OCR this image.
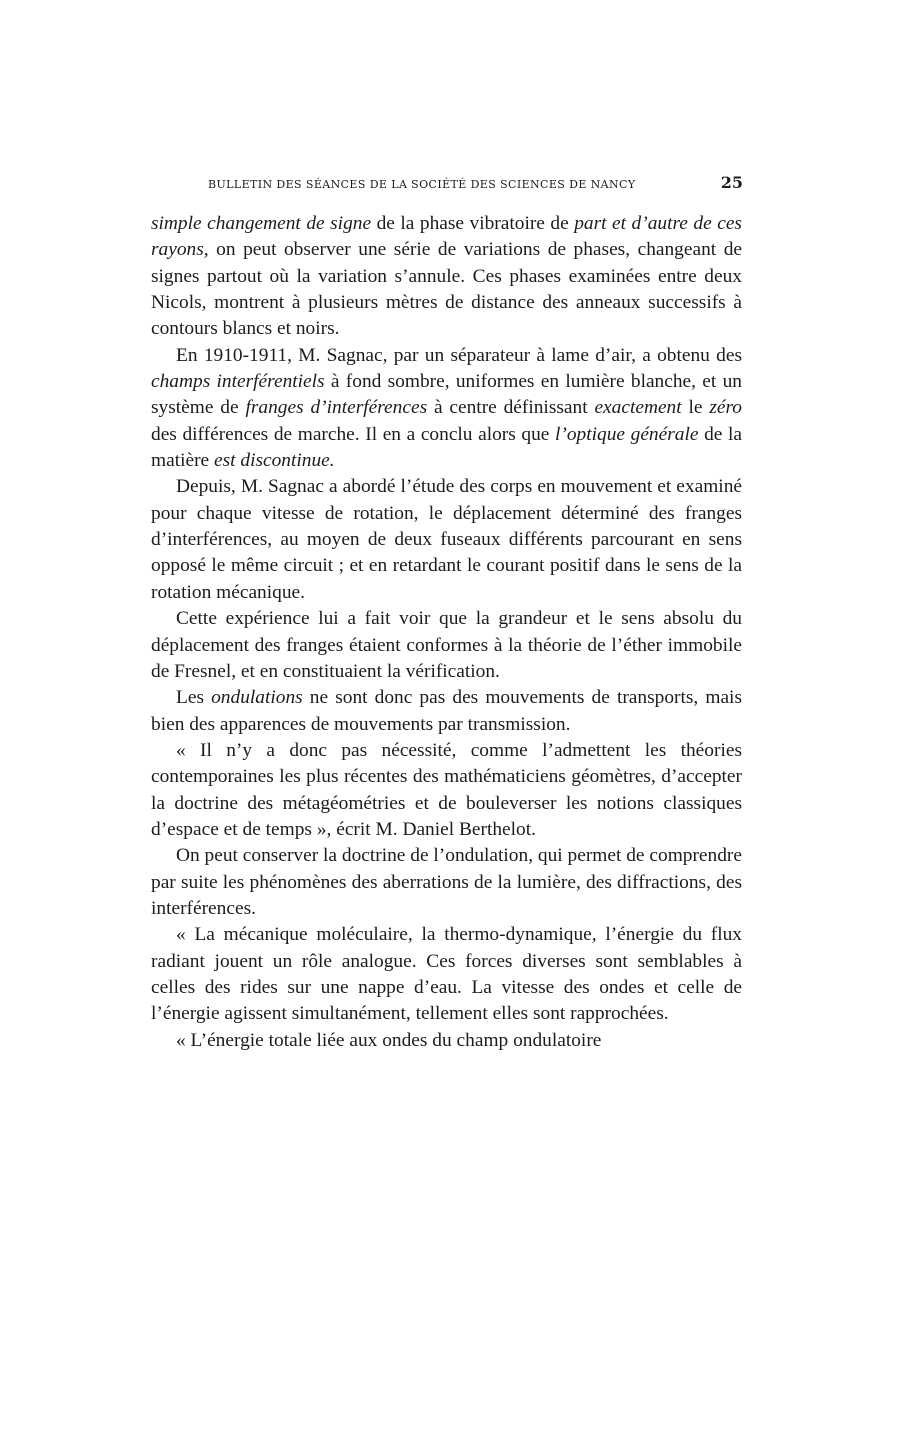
BULLETIN DES SÉANCES DE LA SOCIÉTÉ DES SCIENCES DE NANCY	25

simple changement de signe de la phase vibratoire de part et d’autre de ces rayons, on peut observer une série de variations de phases, changeant de signes partout où la variation s’annule. Ces phases examinées entre deux Nicols, montrent à plusieurs mètres de distance des anneaux successifs à contours blancs et noirs.

En 1910-1911, M. Sagnac, par un séparateur à lame d’air, a obtenu des champs interférentiels à fond sombre, uniformes en lumière blanche, et un système de franges d’interférences à centre définissant exactement le zéro des différences de marche. Il en a conclu alors que l’optique générale de la matière est discontinue.

Depuis, M. Sagnac a abordé l’étude des corps en mouvement et examiné pour chaque vitesse de rotation, le déplacement déterminé des franges d’interférences, au moyen de deux fuseaux différents parcourant en sens opposé le même circuit ; et en retardant le courant positif dans le sens de la rotation mécanique.

Cette expérience lui a fait voir que la grandeur et le sens absolu du déplacement des franges étaient conformes à la théorie de l’éther immobile de Fresnel, et en constituaient la vérification.

Les ondulations ne sont donc pas des mouvements de transports, mais bien des apparences de mouvements par transmission.

« Il n’y a donc pas nécessité, comme l’admettent les théories contemporaines les plus récentes des mathématiciens géomètres, d’accepter la doctrine des métagéométries et de bouleverser les notions classiques d’espace et de temps », écrit M. Daniel Berthelot.

On peut conserver la doctrine de l’ondulation, qui permet de comprendre par suite les phénomènes des aberrations de la lumière, des diffractions, des interférences.

« La mécanique moléculaire, la thermo-dynamique, l’énergie du flux radiant jouent un rôle analogue. Ces forces diverses sont semblables à celles des rides sur une nappe d’eau. La vitesse des ondes et celle de l’énergie agissent simultanément, tellement elles sont rapprochées.

« L’énergie totale liée aux ondes du champ ondulatoire
